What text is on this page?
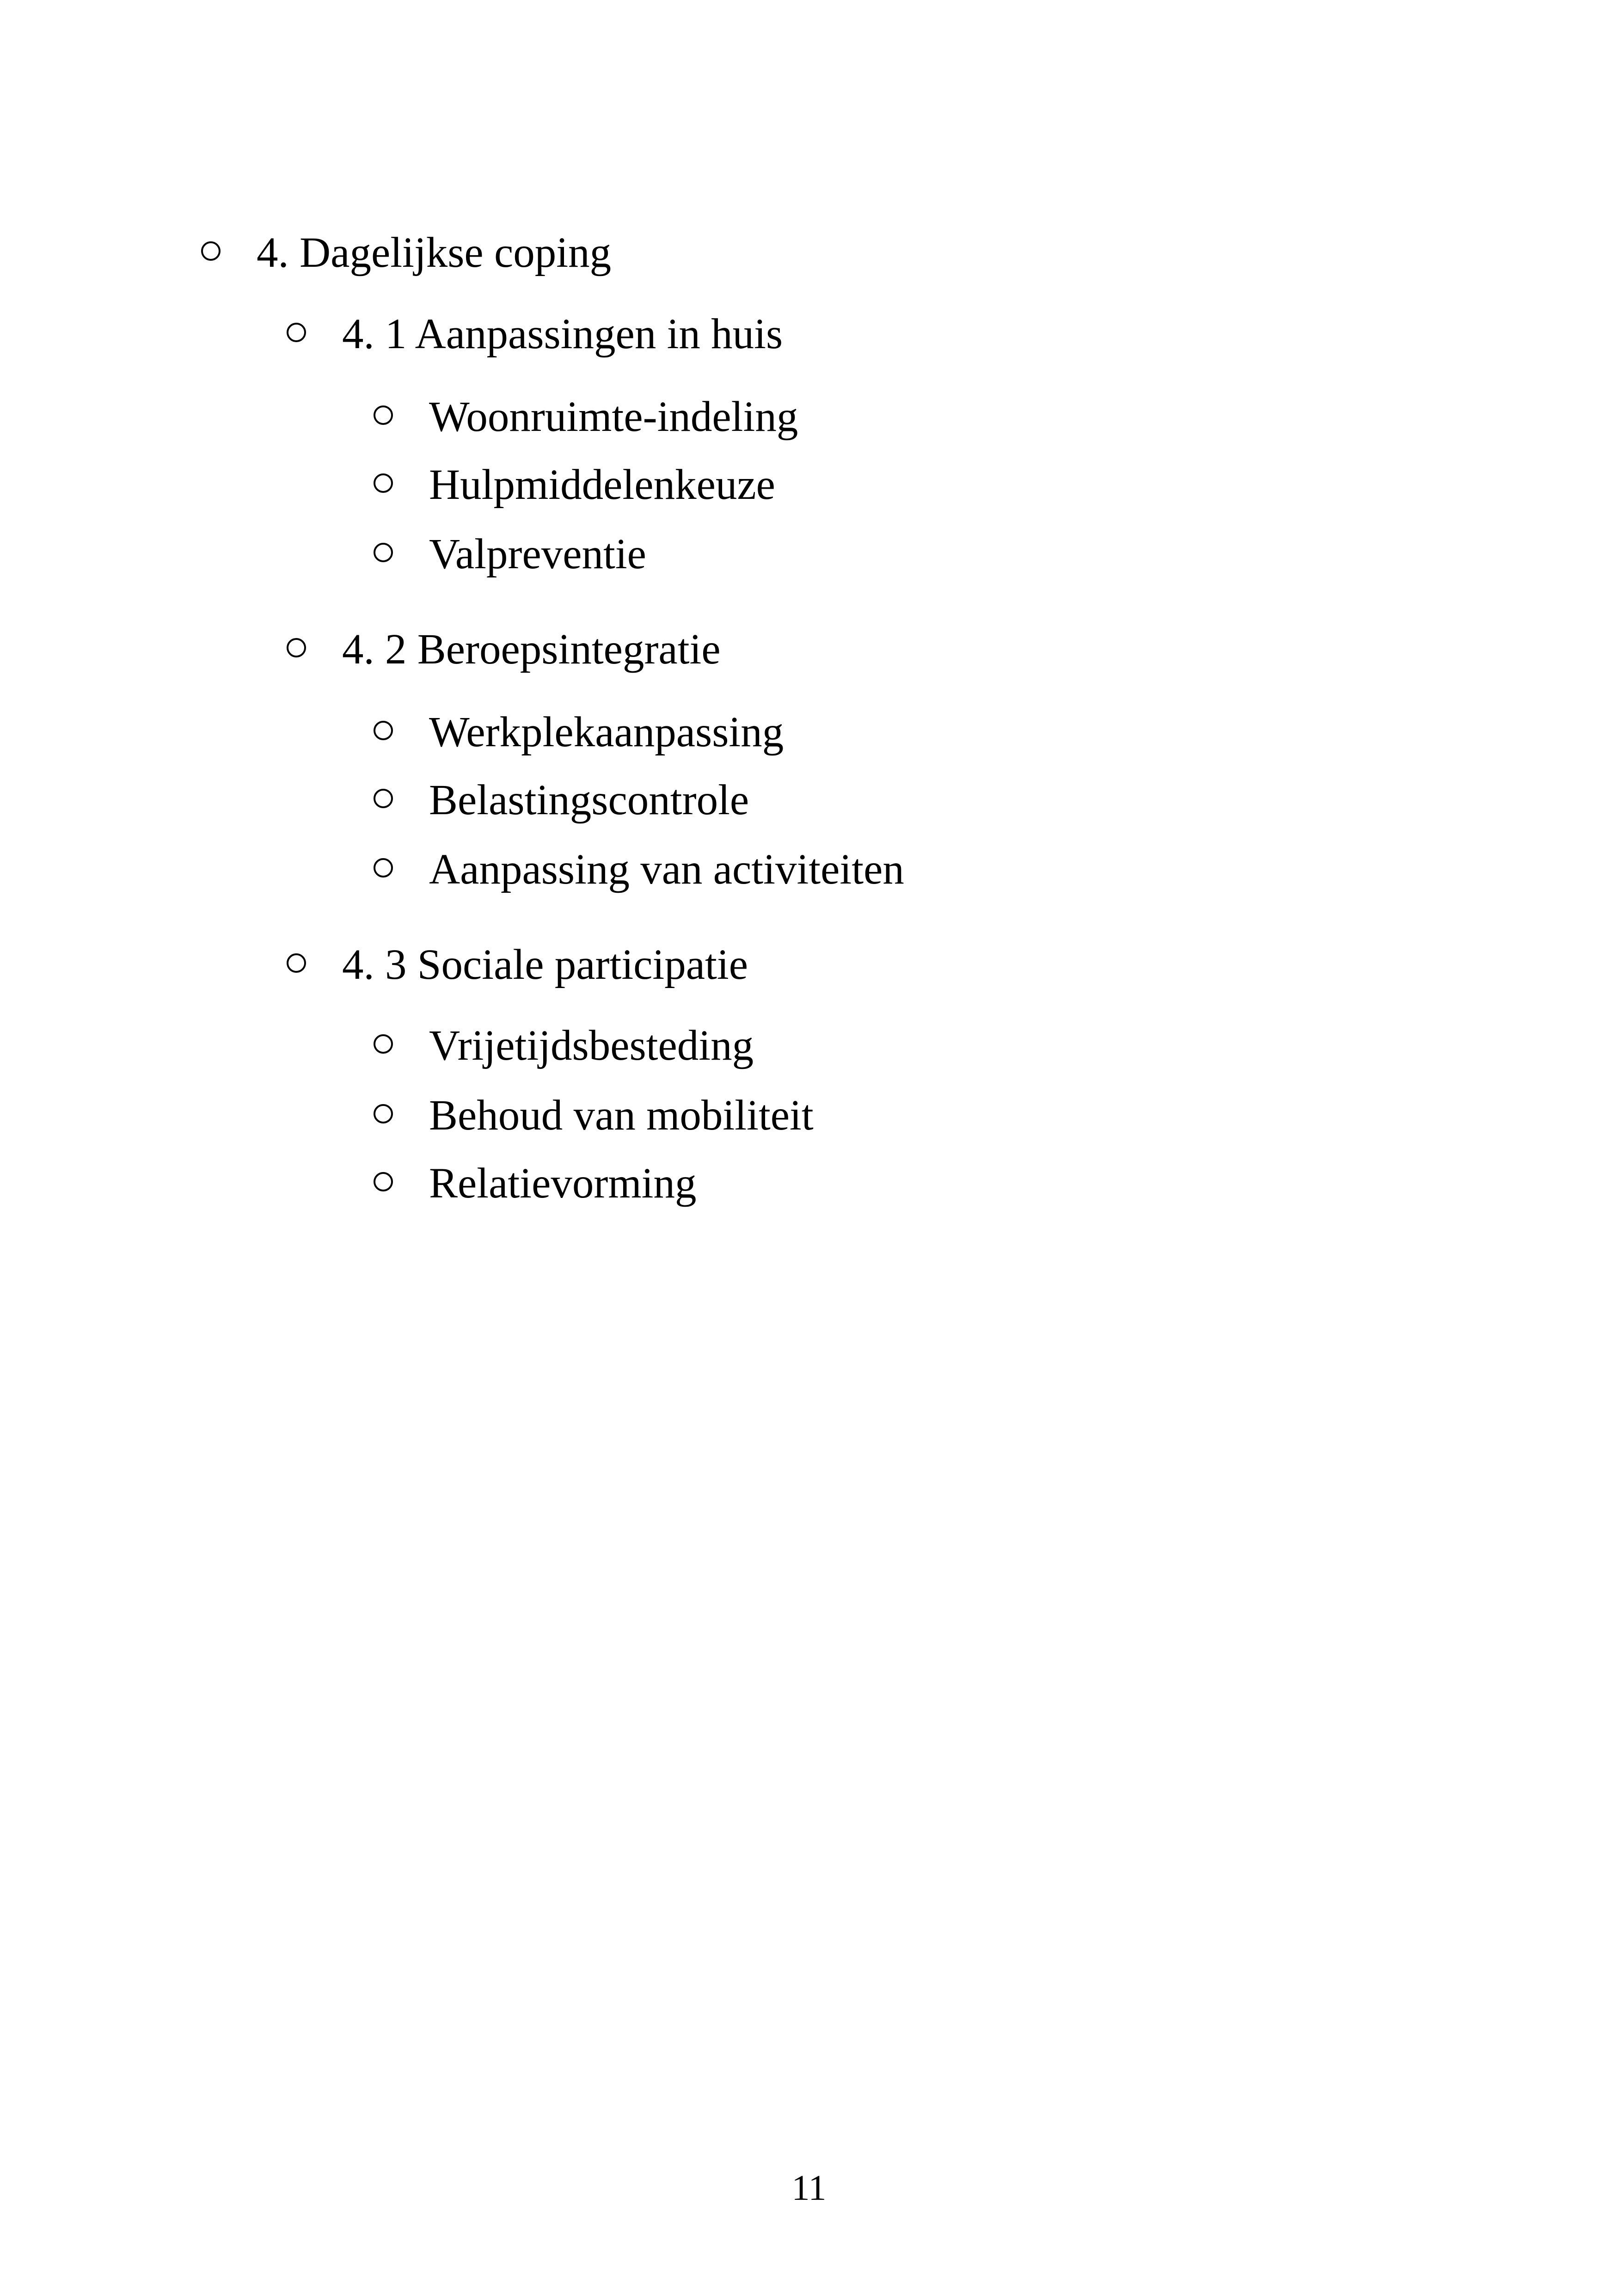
4. Dagelijkse coping
4. 1 Aanpassingen in huis
Woonruimte-indeling
Hulpmiddelenkeuze
Valpreventie
4. 2 Beroepsintegratie
Werkplekaanpassing
Belastingscontrole
Aanpassing van activiteiten
4. 3 Sociale participatie
Vrijetijdsbesteding
Behoud van mobiliteit
Relatievorming
11
